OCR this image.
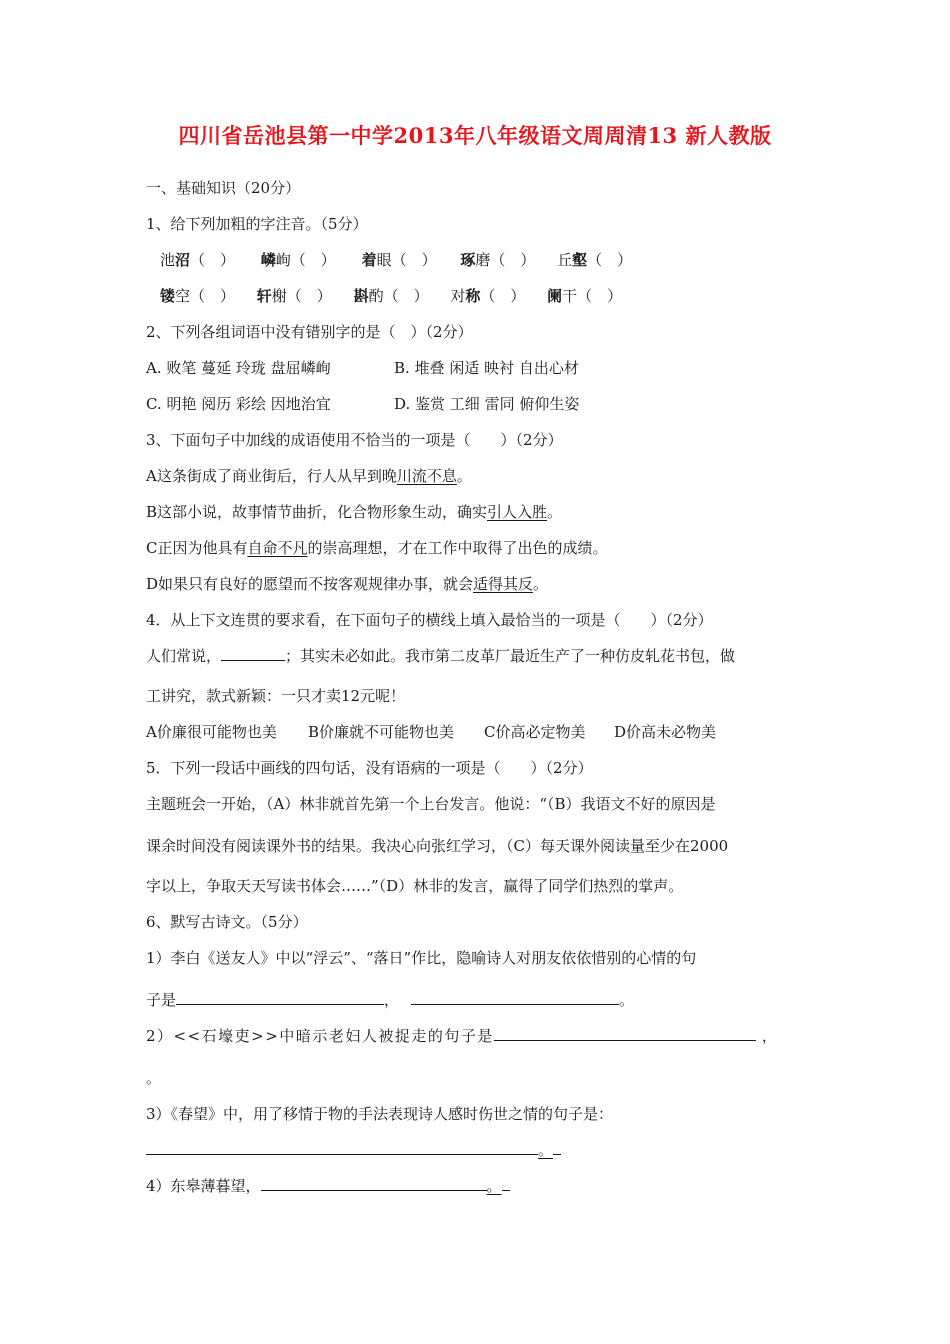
四川省岳池县第一中学2013年八年级语文周周清13 新人教版
一、基础知识（20分）
1、给下列加粗的字注音。（5分）
池沼（　） 嶙峋（　） 着眼（　） 琢磨（　） 丘壑（　）
镂空（　） 轩榭（　） 斟酌（　） 对称（　） 阑干（　）
2、下列各组词语中没有错别字的是（　）（2分）
A. 败笔 蔓延 玲珑 盘屈嶙峋	B. 堆叠 闲适 映衬 自出心材
C. 明艳 阅历 彩绘 因地治宜	D. 鉴赏 工细 雷同 俯仰生姿
3、下面句子中加线的成语使用不恰当的一项是（　　）（2分）
A这条街成了商业街后，行人从早到晚川流不息。
B这部小说，故事情节曲折，化合物形象生动，确实引人入胜。
C正因为他具有自命不凡的崇高理想，才在工作中取得了出色的成绩。
D如果只有良好的愿望而不按客观规律办事，就会适得其反。
4．从上下文连贯的要求看，在下面句子的横线上填入最恰当的一项是（　　）（2分）
人们常说，	；其实未必如此。我市第二皮革厂最近生产了一种仿皮轧花书包，做
工讲究，款式新颖：一只才卖12元呢！
A价廉很可能物也美 B价廉就不可能物也美 C价高必定物美 D价高未必物美
5．下列一段话中画线的四句话，没有语病的一项是（　　）（2分）
主题班会一开始，（A）林非就首先第一个上台发言。他说：“（B）我语文不好的原因是
课余时间没有阅读课外书的结果。我决心向张红学习，（C）每天课外阅读量至少在2000
字以上，争取天天写读书体会……”（D）林非的发言，赢得了同学们热烈的掌声。
6、默写古诗文。（5分）
1）李白《送友人》中以“浮云”、“落日”作比，隐喻诗人对朋友依依惜别的心情的句
子是	，	。
2）<<石壕吏>>中暗示老妇人被捉走的句子是	，
。
3）《春望》中，用了移情于物的手法表现诗人感时伤世之情的句子是：
。
4）东皋薄暮望，	。
